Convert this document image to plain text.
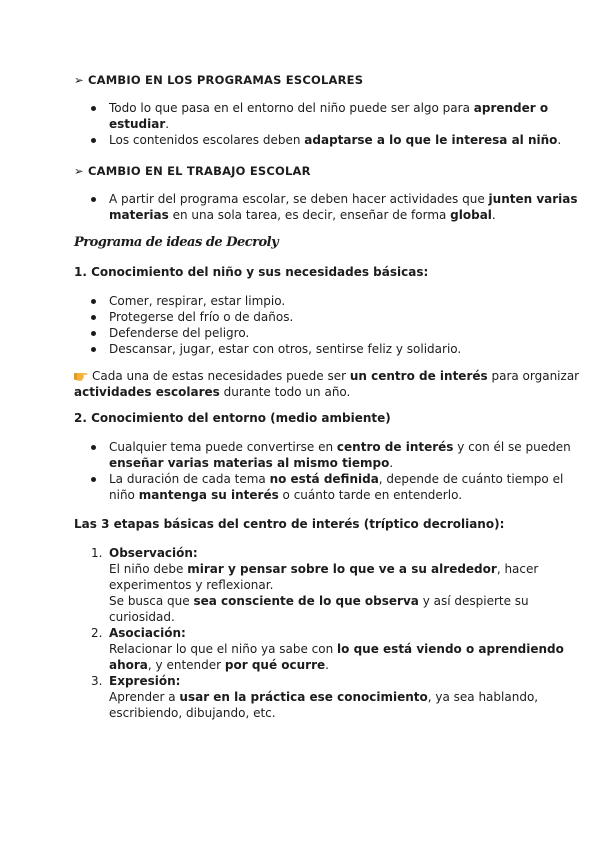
➢ CAMBIO EN LOS PROGRAMAS ESCOLARES
Todo lo que pasa en el entorno del niño puede ser algo para aprender o
estudiar.
Los contenidos escolares deben adaptarse a lo que le interesa al niño.
➢ CAMBIO EN EL TRABAJO ESCOLAR
A partir del programa escolar, se deben hacer actividades que junten varias
materias en una sola tarea, es decir, enseñar de forma global.
Programa de ideas de Decroly
1. Conocimiento del niño y sus necesidades básicas:
Comer, respirar, estar limpio.
Protegerse del frío o de daños.
Defenderse del peligro.
Descansar, jugar, estar con otros, sentirse feliz y solidario.
Cada una de estas necesidades puede ser un centro de interés para organizar
actividades escolares durante todo un año.
2. Conocimiento del entorno (medio ambiente)
Cualquier tema puede convertirse en centro de interés y con él se pueden
enseñar varias materias al mismo tiempo.
La duración de cada tema no está definida, depende de cuánto tiempo el
niño mantenga su interés o cuánto tarde en entenderlo.
Las 3 etapas básicas del centro de interés (tríptico decroliano):
1. Observación:
El niño debe mirar y pensar sobre lo que ve a su alrededor, hacer
experimentos y reflexionar.
Se busca que sea consciente de lo que observa y así despierte su
curiosidad.
2. Asociación:
Relacionar lo que el niño ya sabe con lo que está viendo o aprendiendo
ahora, y entender por qué ocurre.
3. Expresión:
Aprender a usar en la práctica ese conocimiento, ya sea hablando,
escribiendo, dibujando, etc.
